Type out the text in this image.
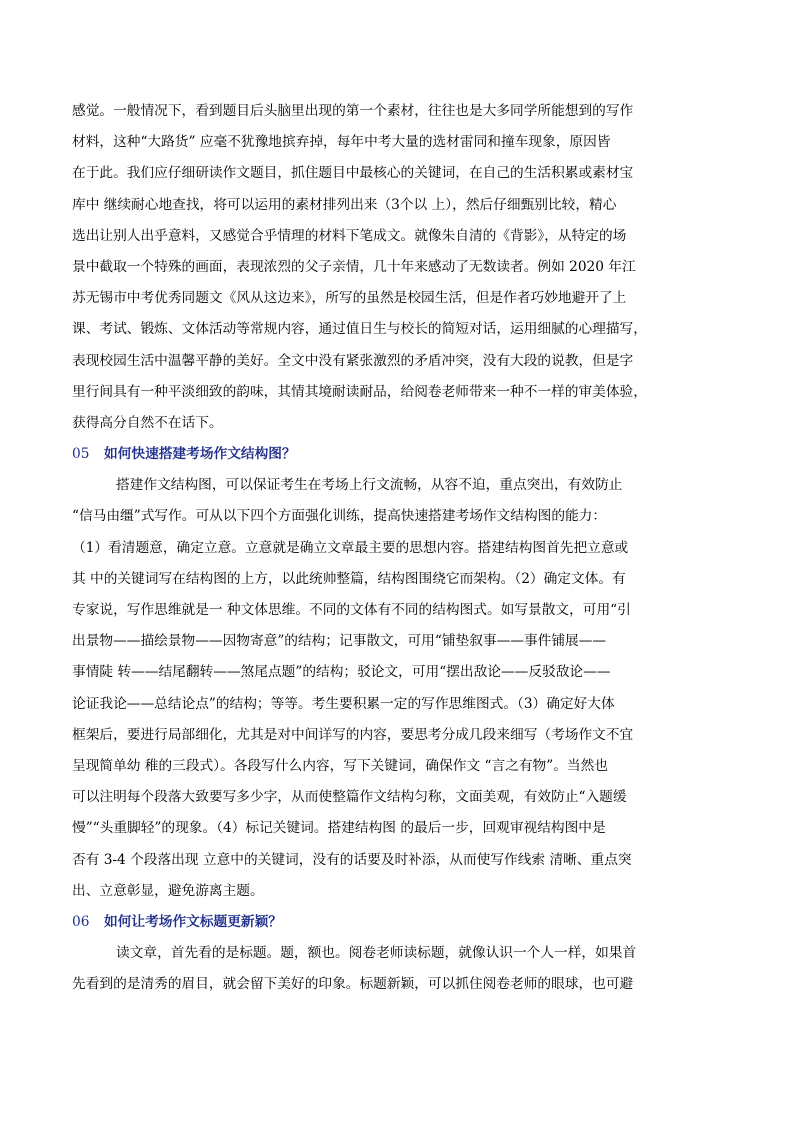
感觉。一般情况下，看到题目后头脑里出现的第一个素材，往往也是大多同学所能想到的写作
材料，这种“大路货” 应毫不犹豫地摈弃掉，每年中考大量的选材雷同和撞车现象，原因皆
在于此。我们应仔细研读作文题目，抓住题目中最核心的关键词，在自己的生活积累或素材宝
库中 继续耐心地查找，将可以运用的素材排列出来（3个以 上），然后仔细甄别比较，精心
选出让别人出乎意料，又感觉合乎情理的材料下笔成文。就像朱自清的《背影》，从特定的场
景中截取一个特殊的画面，表现浓烈的父子亲情，几十年来感动了无数读者。例如 2020 年江
苏无锡市中考优秀同题文《风从这边来》，所写的虽然是校园生活，但是作者巧妙地避开了上
课、考试、锻炼、文体活动等常规内容，通过值日生与校长的简短对话，运用细腻的心理描写，
表现校园生活中温馨平静的美好。全文中没有紧张激烈的矛盾冲突，没有大段的说教，但是字
里行间具有一种平淡细致的韵味，其情其境耐读耐品，给阅卷老师带来一种不一样的审美体验，
获得高分自然不在话下。
05 如何快速搭建考场作文结构图？
搭建作文结构图，可以保证考生在考场上行文流畅，从容不迫，重点突出，有效防止
“信马由缰”式写作。可从以下四个方面强化训练，提高快速搭建考场作文结构图的能力：
（1）看清题意，确定立意。立意就是确立文章最主要的思想内容。搭建结构图首先把立意或
其 中的关键词写在结构图的上方，以此统帅整篇，结构图围绕它而架构。（2）确定文体。有
专家说，写作思维就是一 种文体思维。不同的文体有不同的结构图式。如写景散文，可用“引
出景物——描绘景物——因物寄意”的结构；记事散文，可用“铺垫叙事——事件铺展——
事情陡 转——结尾翻转——煞尾点题”的结构；驳论文，可用“摆出敌论——反驳敌论——
论证我论——总结论点”的结构；等等。考生要积累一定的写作思维图式。（3）确定好大体
框架后，要进行局部细化，尤其是对中间详写的内容，要思考分成几段来细写（考场作文不宜
呈现简单幼 稚的三段式）。各段写什么内容，写下关键词，确保作文 “言之有物”。当然也
可以注明每个段落大致要写多少字，从而使整篇作文结构匀称，文面美观，有效防止“入题缓
慢”“头重脚轻”的现象。（4）标记关键词。搭建结构图 的最后一步，回观审视结构图中是
否有 3-4 个段落出现 立意中的关键词，没有的话要及时补添，从而使写作线索 清晰、重点突
出、立意彰显，避免游离主题。
06 如何让考场作文标题更新颖？
读文章，首先看的是标题。题，额也。阅卷老师读标题，就像认识一个人一样，如果首
先看到的是清秀的眉目，就会留下美好的印象。标题新颖，可以抓住阅卷老师的眼球，也可避
